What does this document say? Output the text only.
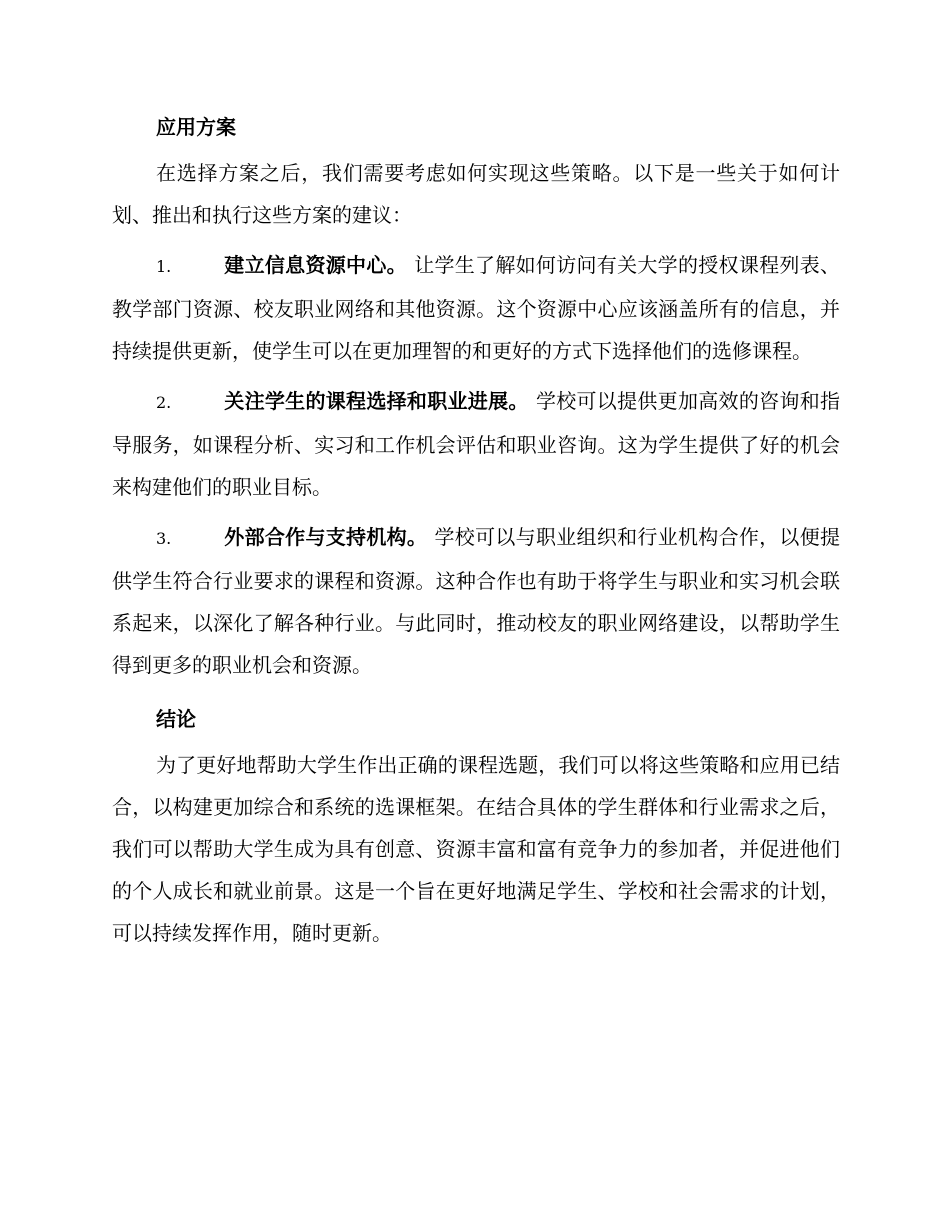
应用方案

在选择方案之后，我们需要考虑如何实现这些策略。以下是一些关于如何计划、推出和执行这些方案的建议：

1.	建立信息资源中心。 让学生了解如何访问有关大学的授权课程列表、教学部门资源、校友职业网络和其他资源。这个资源中心应该涵盖所有的信息，并持续提供更新，使学生可以在更加理智的和更好的方式下选择他们的选修课程。

2.	关注学生的课程选择和职业进展。 学校可以提供更加高效的咨询和指导服务，如课程分析、实习和工作机会评估和职业咨询。这为学生提供了好的机会来构建他们的职业目标。

3.	外部合作与支持机构。 学校可以与职业组织和行业机构合作，以便提供学生符合行业要求的课程和资源。这种合作也有助于将学生与职业和实习机会联系起来，以深化了解各种行业。与此同时，推动校友的职业网络建设，以帮助学生得到更多的职业机会和资源。

结论

为了更好地帮助大学生作出正确的课程选题，我们可以将这些策略和应用已结合，以构建更加综合和系统的选课框架。在结合具体的学生群体和行业需求之后，我们可以帮助大学生成为具有创意、资源丰富和富有竞争力的参加者，并促进他们的个人成长和就业前景。这是一个旨在更好地满足学生、学校和社会需求的计划，可以持续发挥作用，随时更新。
